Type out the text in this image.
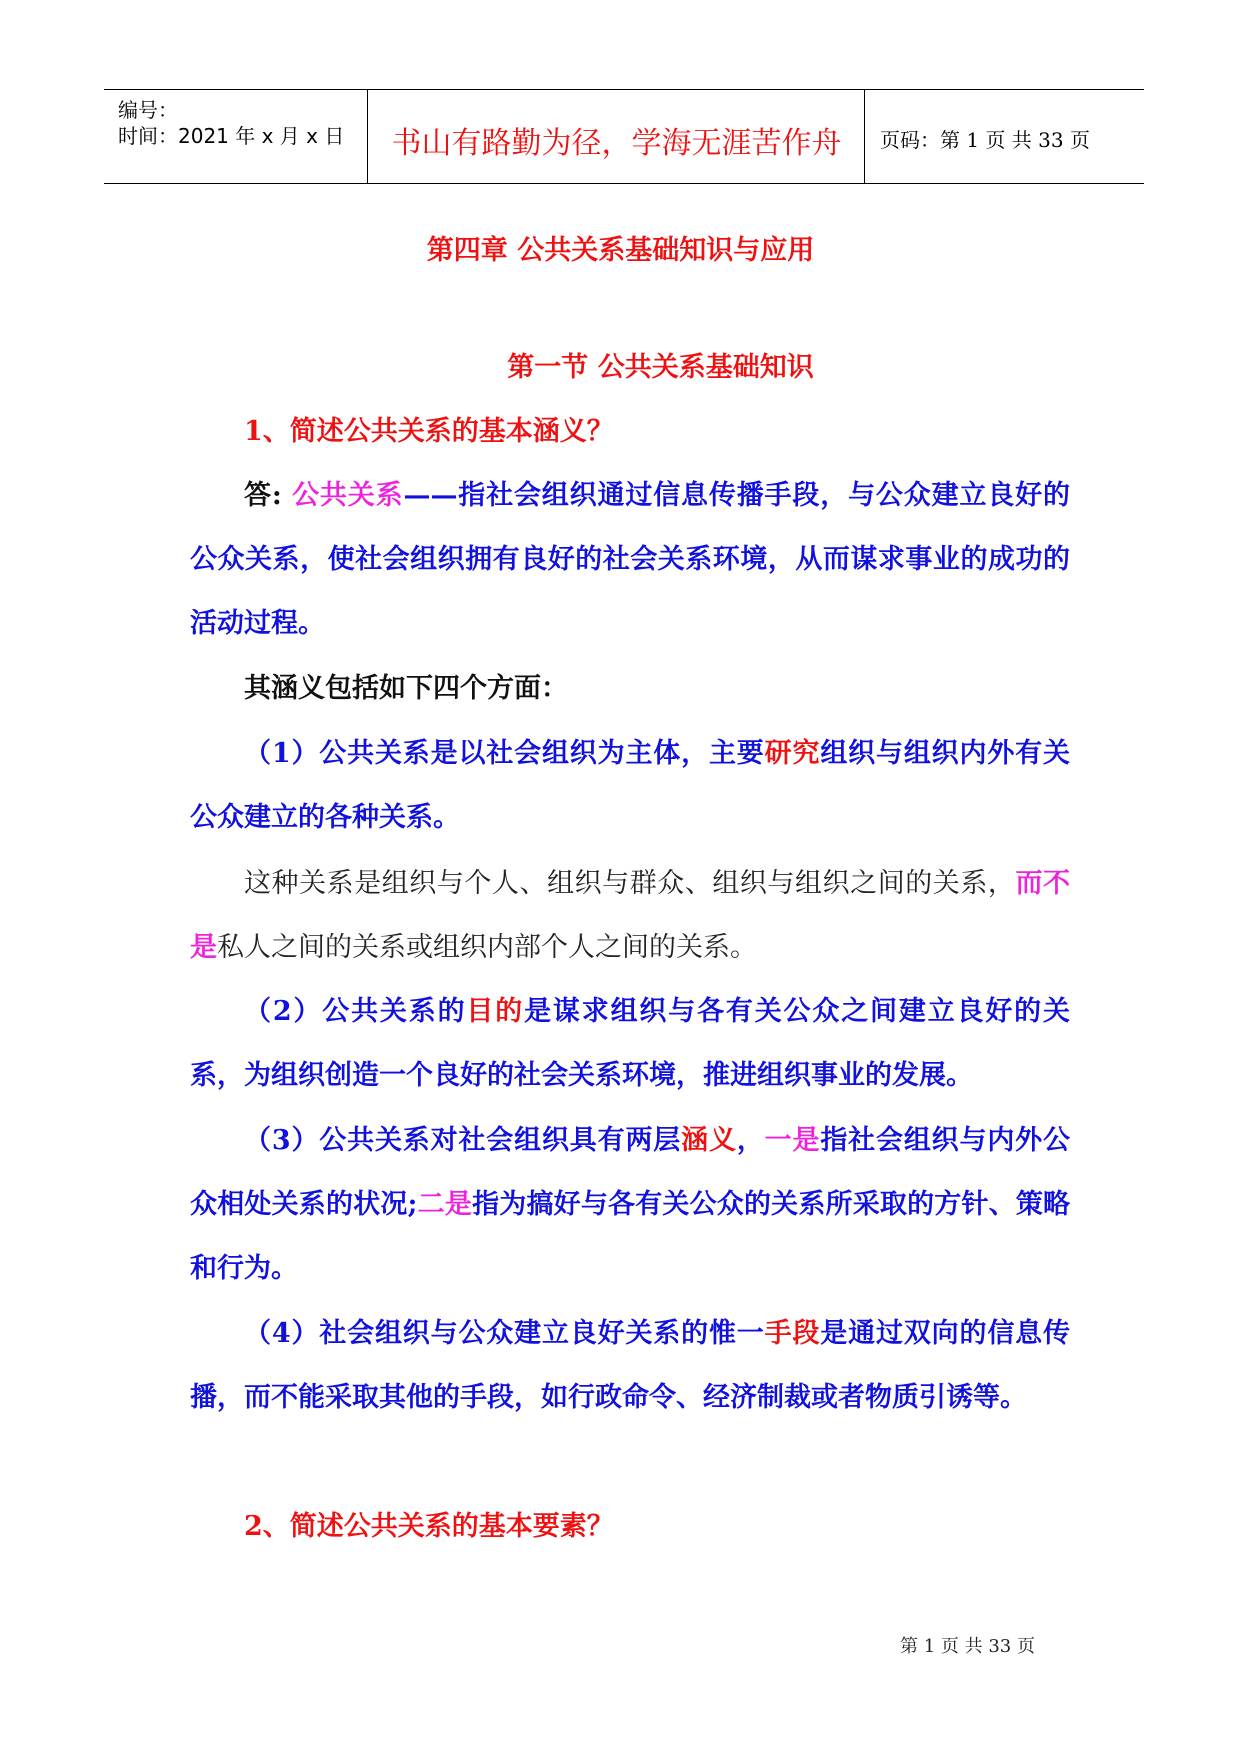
编号：
时间：2021 年 x 月 x 日	书山有路勤为径，学海无涯苦作舟	页码：第 1 页 共 33 页
第四章 公共关系基础知识与应用
第一节 公共关系基础知识
1、简述公共关系的基本涵义？
答: 公共关系——指社会组织通过信息传播手段，与公众建立良好的公众关系，使社会组织拥有良好的社会关系环境，从而谋求事业的成功的活动过程。
其涵义包括如下四个方面：
（1）公共关系是以社会组织为主体，主要研究组织与组织内外有关公众建立的各种关系。
这种关系是组织与个人、组织与群众、组织与组织之间的关系，而不是私人之间的关系或组织内部个人之间的关系。
（2）公共关系的目的是谋求组织与各有关公众之间建立良好的关系，为组织创造一个良好的社会关系环境，推进组织事业的发展。
（3）公共关系对社会组织具有两层涵义，一是指社会组织与内外公众相处关系的状况;二是指为搞好与各有关公众的关系所采取的方针、策略和行为。
（4）社会组织与公众建立良好关系的惟一手段是通过双向的信息传播，而不能采取其他的手段，如行政命令、经济制裁或者物质引诱等。
2、简述公共关系的基本要素？
第 1 页 共 33 页
